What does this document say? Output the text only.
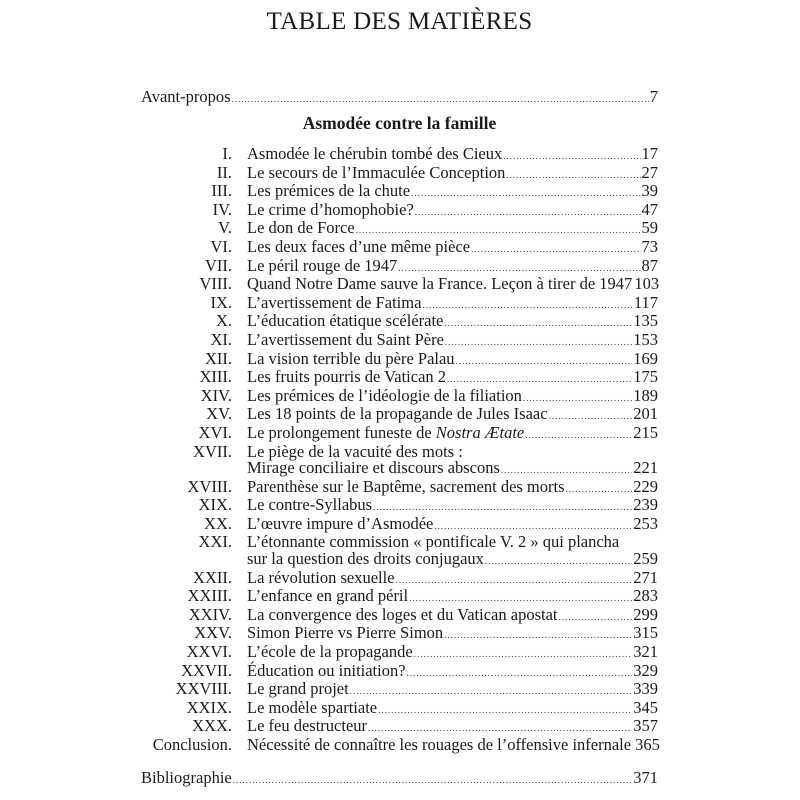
TABLE DES MATIÈRES
Avant-propos .....	7
Asmodée contre la famille
I. Asmodée le chérubin tombé des Cieux .....	17
II. Le secours de l’Immaculée Conception .....	27
III. Les prémices de la chute .....	39
IV. Le crime d’homophobie? .....	47
V. Le don de Force .....	59
VI. Les deux faces d’une même pièce .....	73
VII. Le péril rouge de 1947 .....	87
VIII. Quand Notre Dame sauve la France. Leçon à tirer de 1947 103
IX. L’avertissement de Fatima .....	117
X. L’éducation étatique scélérate .....	135
XI. L’avertissement du Saint Père .....	153
XII. La vision terrible du père Palau .....	169
XIII. Les fruits pourris de Vatican 2 .....	175
XIV. Les prémices de l’idéologie de la filiation .....	189
XV. Les 18 points de la propagande de Jules Isaac .....	201
XVI. Le prolongement funeste de Nostra Ætate .....	215
XVII. Le piège de la vacuité des mots :
Mirage conciliaire et discours abscons .....	221
XVIII. Parenthèse sur le Baptême, sacrement des morts .....	229
XIX. Le contre-Syllabus .....	239
XX. L’œuvre impure d’Asmodée .....	253
XXI. L’étonnante commission « pontificale V. 2 » qui plancha
sur la question des droits conjugaux .....	259
XXII. La révolution sexuelle .....	271
XXIII. L’enfance en grand péril .....	283
XXIV. La convergence des loges et du Vatican apostat .....	299
XXV. Simon Pierre vs Pierre Simon .....	315
XXVI. L’école de la propagande .....	321
XXVII. Éducation ou initiation? .....	329
XXVIII. Le grand projet .....	339
XXIX. Le modèle spartiate .....	345
XXX. Le feu destructeur .....	357
Conclusion. Nécessité de connaître les rouages de l’offensive infernale 365
Bibliographie .....	371
